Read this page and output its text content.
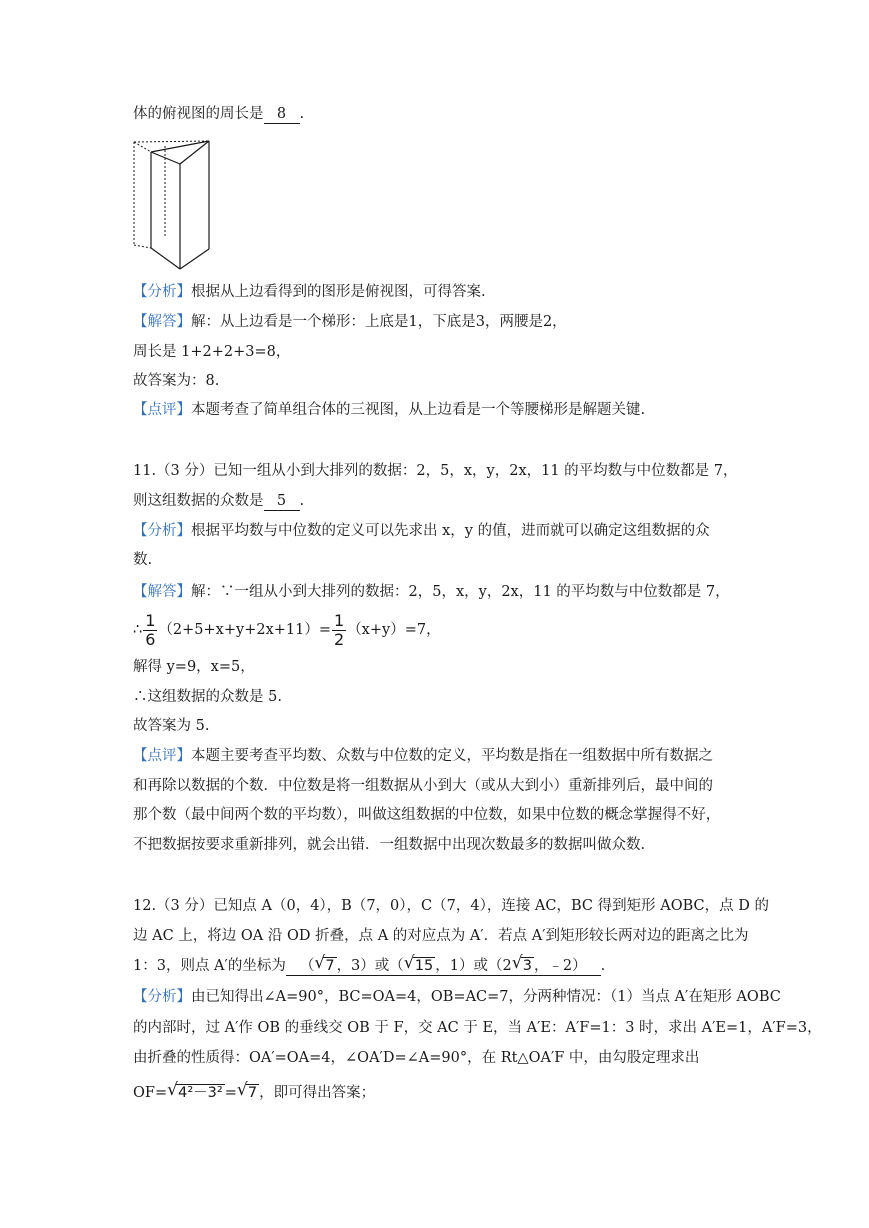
体的俯视图的周长是 8 .
【分析】根据从上边看得到的图形是俯视图，可得答案.
【解答】解：从上边看是一个梯形：上底是1，下底是3，两腰是2，
周长是 1+2+2+3=8，
故答案为：8.
【点评】本题考查了简单组合体的三视图，从上边看是一个等腰梯形是解题关键.
11.（3 分）已知一组从小到大排列的数据：2，5，x，y，2x，11 的平均数与中位数都是 7，
则这组数据的众数是 5 .
【分析】根据平均数与中位数的定义可以先求出 x，y 的值，进而就可以确定这组数据的众
数.
【解答】解：∵一组从小到大排列的数据：2，5，x，y，2x，11 的平均数与中位数都是 7，
∴ $\frac{1}{6} (2+5+x+y+2x+11)= \frac{1}{2} (x+y)=7$，
解得 y=9，x=5，
∴这组数据的众数是 5.
故答案为 5.
【点评】本题主要考查平均数、众数与中位数的定义，平均数是指在一组数据中所有数据之
和再除以数据的个数．中位数是将一组数据从小到大（或从大到小）重新排列后，最中间的
那个数（最中间两个数的平均数），叫做这组数据的中位数，如果中位数的概念掌握得不好，
不把数据按要求重新排列，就会出错．一组数据中出现次数最多的数据叫做众数.
12.（3 分）已知点 A（0，4），B（7，0），C（7，4），连接 AC，BC 得到矩形 AOBC，点 D 的
边 AC 上，将边 OA 沿 OD 折叠，点 A 的对应点为 A′．若点 A′到矩形较长两对边的距离之比为
1：3，则点 A′的坐标为 （ √ 7 ，3）或（ √ 15 ，1）或（2 √ 3 ，﹣2） .
【分析】由已知得出∠A=90°，BC=OA=4，OB=AC=7，分两种情况：（1）当点 A′在矩形 AOBC
的内部时，过 A′作 OB 的垂线交 OB 于 F，交 AC 于 E，当 A′E：A′F=1：3 时，求出 A′E=1，A′F=3，
由折叠的性质得：OA′=OA=4，∠OA′D=∠A=90°，在 Rt△OA′F 中，由勾股定理求出
OF= √ 4²－3² = √ 7 ，即可得出答案；
